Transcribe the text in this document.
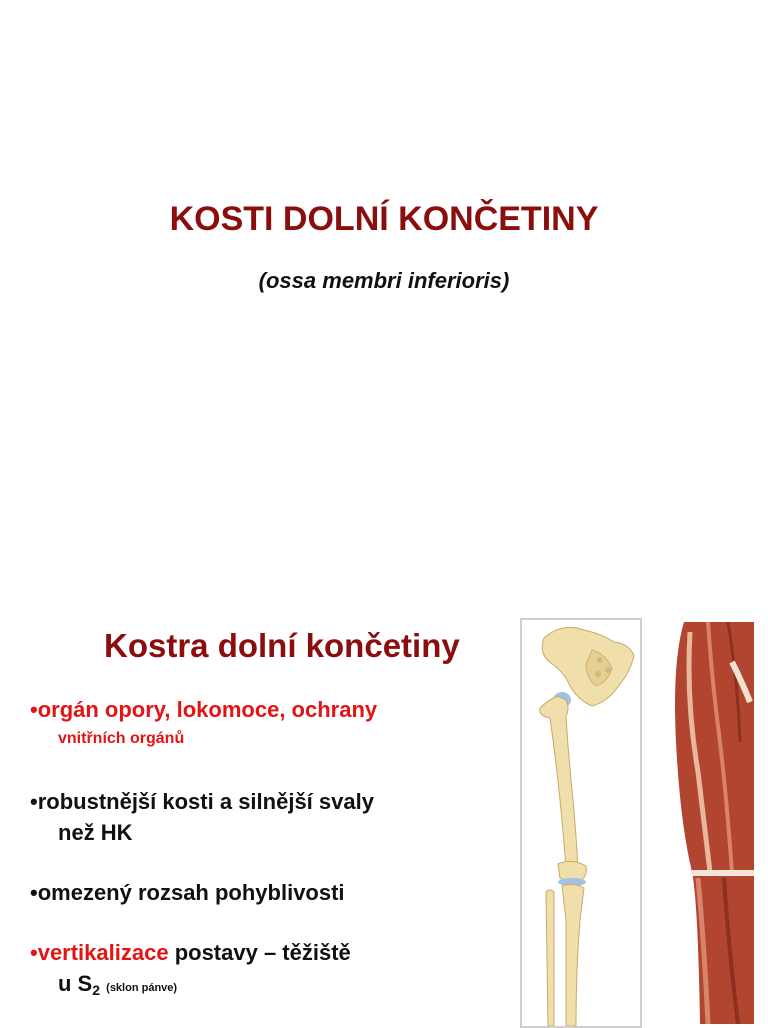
KOSTI DOLNÍ KONČETINY
(ossa membri inferioris)
Kostra dolní končetiny
•orgán opory, lokomoce, ochrany
vnitřních orgánů
•robustnější kosti a silnější svaly
než HK
•omezený rozsah pohyblivosti
•vertikalizace postavy – těžiště
u $S_2$ (sklon pánve)
